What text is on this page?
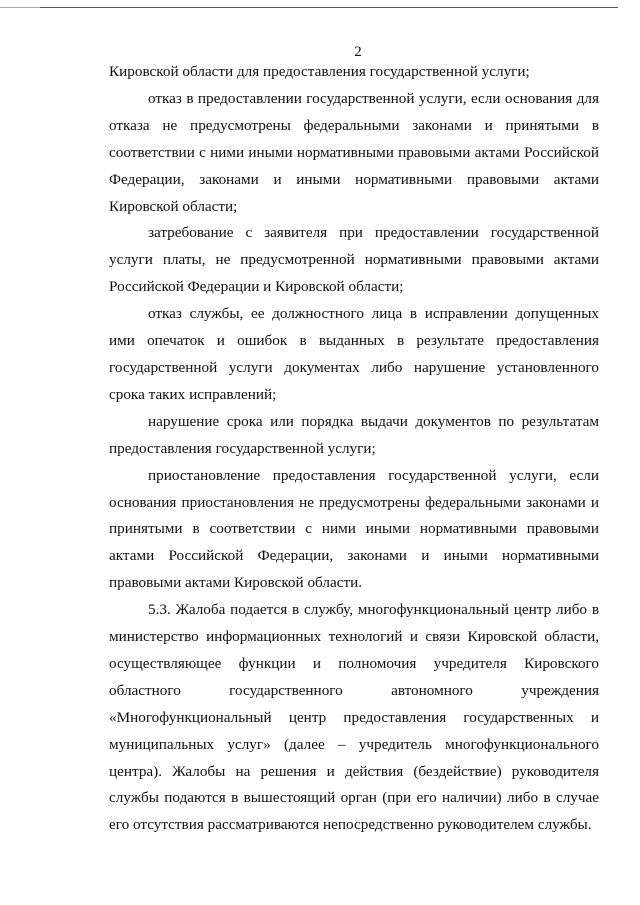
2

Кировской области для предоставления государственной услуги;

отказ в предоставлении государственной услуги, если основания для отказа не предусмотрены федеральными законами и принятыми в соответствии с ними иными нормативными правовыми актами Российской Федерации, законами и иными нормативными правовыми актами Кировской области;

затребование с заявителя при предоставлении государственной услуги платы, не предусмотренной нормативными правовыми актами Российской Федерации и Кировской области;

отказ службы, ее должностного лица в исправлении допущенных ими опечаток и ошибок в выданных в результате предоставления государственной услуги документах либо нарушение установленного срока таких исправлений;

нарушение срока или порядка выдачи документов по результатам предоставления государственной услуги;

приостановление предоставления государственной услуги, если основания приостановления не предусмотрены федеральными законами и принятыми в соответствии с ними иными нормативными правовыми актами Российской Федерации, законами и иными нормативными правовыми актами Кировской области.

5.3. Жалоба подается в службу, многофункциональный центр либо в министерство информационных технологий и связи Кировской области, осуществляющее функции и полномочия учредителя Кировского областного государственного автономного учреждения «Многофункциональный центр предоставления государственных и муниципальных услуг» (далее – учредитель многофункционального центра). Жалобы на решения и действия (бездействие) руководителя службы подаются в вышестоящий орган (при его наличии) либо в случае его отсутствия рассматриваются непосредственно руководителем службы.
